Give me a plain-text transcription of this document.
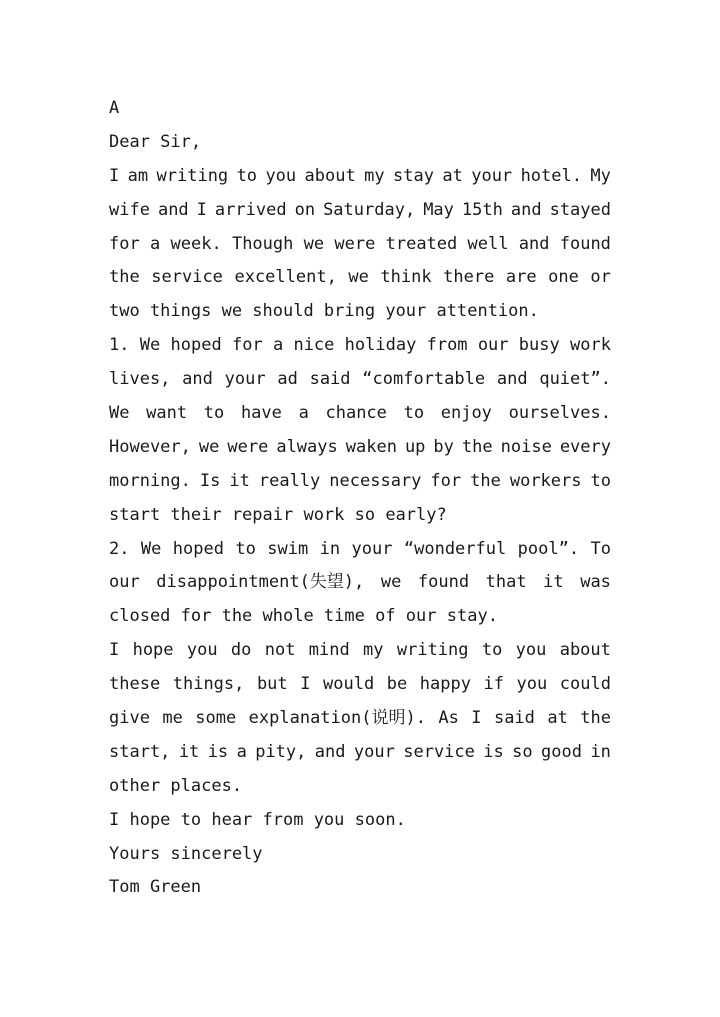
A
Dear Sir,
I am writing to you about my stay at your hotel. My
wife and I arrived on Saturday, May 15th and stayed
for a week. Though we were treated well and found
the service excellent, we think there are one or
two things we should bring your attention.
1. We hoped for a nice holiday from our busy work
lives, and your ad said “comfortable and quiet”.
We want to have a chance to enjoy ourselves.
However, we were always waken up by the noise every
morning. Is it really necessary for the workers to
start their repair work so early?
2. We hoped to swim in your “wonderful pool”. To
our disappointment(失望), we found that it was
closed for the whole time of our stay.
I hope you do not mind my writing to you about
these things, but I would be happy if you could
give me some explanation(说明). As I said at the
start, it is a pity, and your service is so good in
other places.
I hope to hear from you soon.
Yours sincerely
Tom Green
